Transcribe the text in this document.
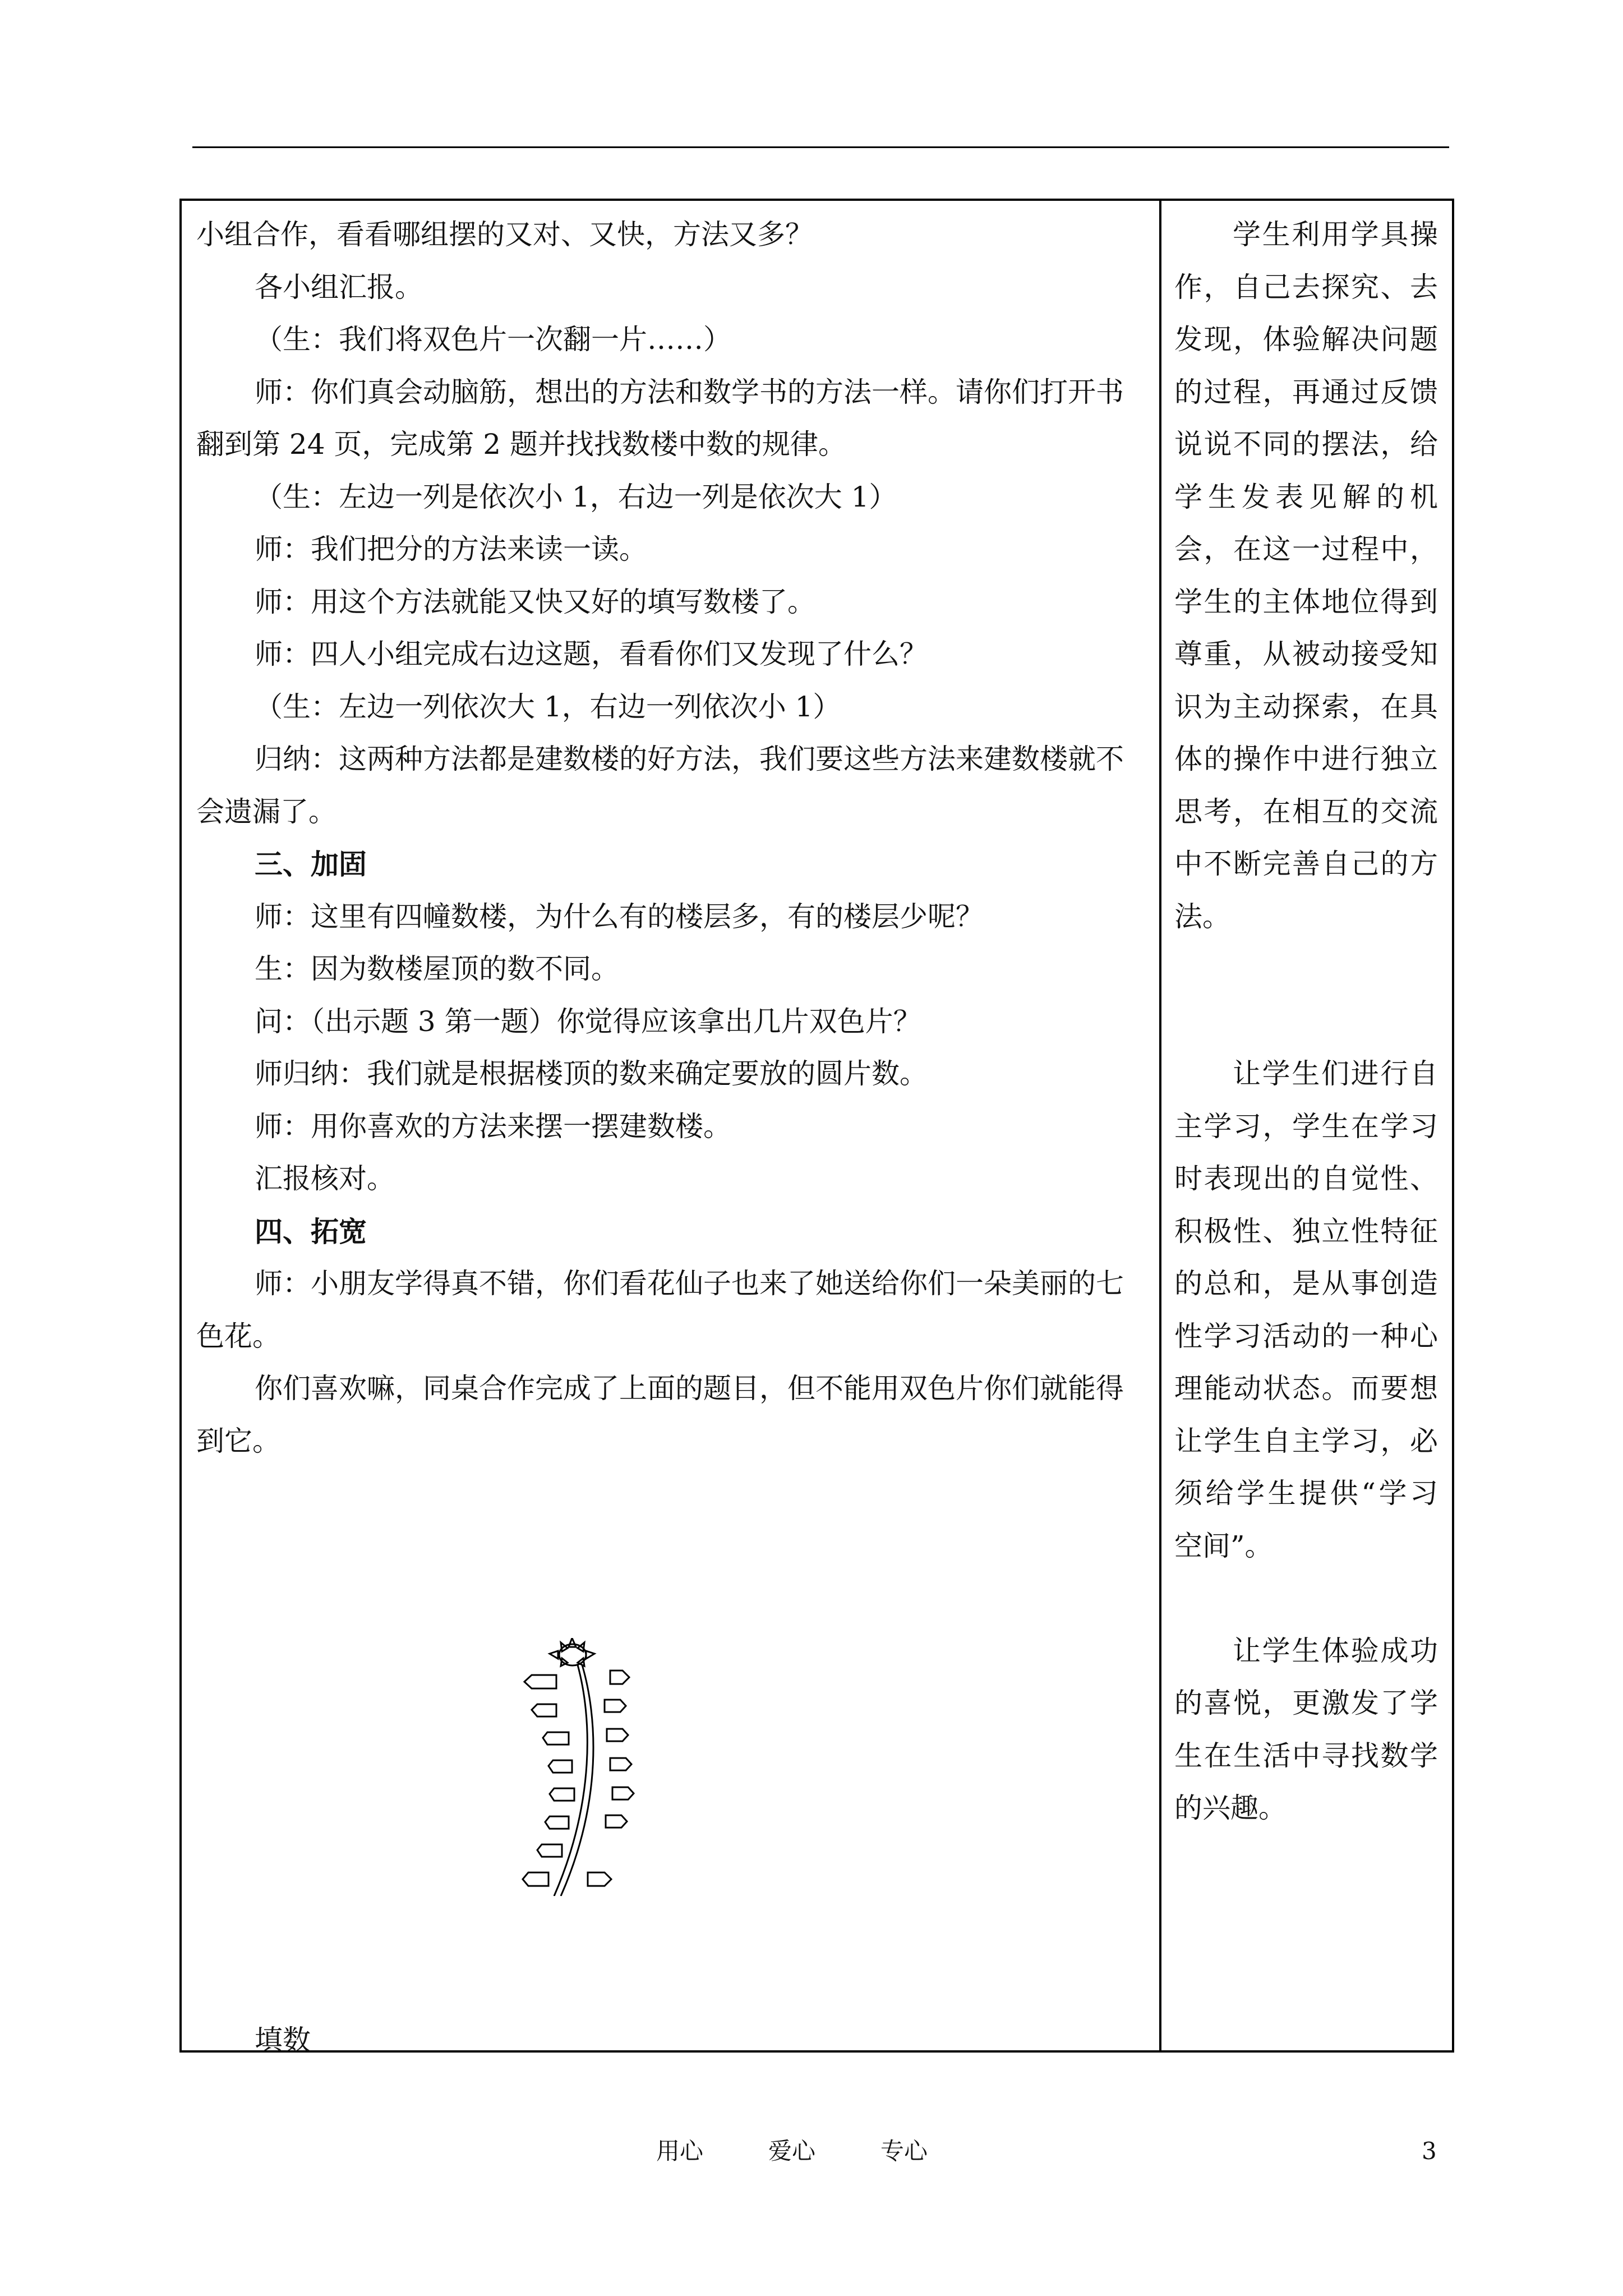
小组合作，看看哪组摆的又对、又快，方法又多？

各小组汇报。

（生：我们将双色片一次翻一片……）

师：你们真会动脑筋，想出的方法和数学书的方法一样。请你们打开书

翻到第 24 页，完成第 2 题并找找数楼中数的规律。

（生：左边一列是依次小 1，右边一列是依次大 1）

师：我们把分的方法来读一读。

师：用这个方法就能又快又好的填写数楼了。

师：四人小组完成右边这题，看看你们又发现了什么？

（生：左边一列依次大 1，右边一列依次小 1）

归纳：这两种方法都是建数楼的好方法，我们要这些方法来建数楼就不

会遗漏了。

三、加固

师：这里有四幢数楼，为什么有的楼层多，有的楼层少呢？

生：因为数楼屋顶的数不同。

问：（出示题 3 第一题）你觉得应该拿出几片双色片？

师归纳：我们就是根据楼顶的数来确定要放的圆片数。

师：用你喜欢的方法来摆一摆建数楼。

汇报核对。

四、拓宽

师：小朋友学得真不错，你们看花仙子也来了她送给你们一朵美丽的七

色花。

你们喜欢嘛，同桌合作完成了上面的题目，但不能用双色片你们就能得

到它。

学生利用学具操作，自己去探究、去发现，体验解决问题的过程，再通过反馈说说不同的摆法，给学生发表见解的机会，在这一过程中，学生的主体地位得到尊重，从被动接受知识为主动探索，在具体的操作中进行独立思考，在相互的交流中不断完善自己的方法。

让学生们进行自主学习，学生在学习时表现出的自觉性、积极性、独立性特征的总和，是从事创造性学习活动的一种心理能动状态。而要想让学生自主学习，必须给学生提供“学习空间”。

让学生体验成功的喜悦，更激发了学生在生活中寻找数学的兴趣。

填数
用心	爱心	专心	3
